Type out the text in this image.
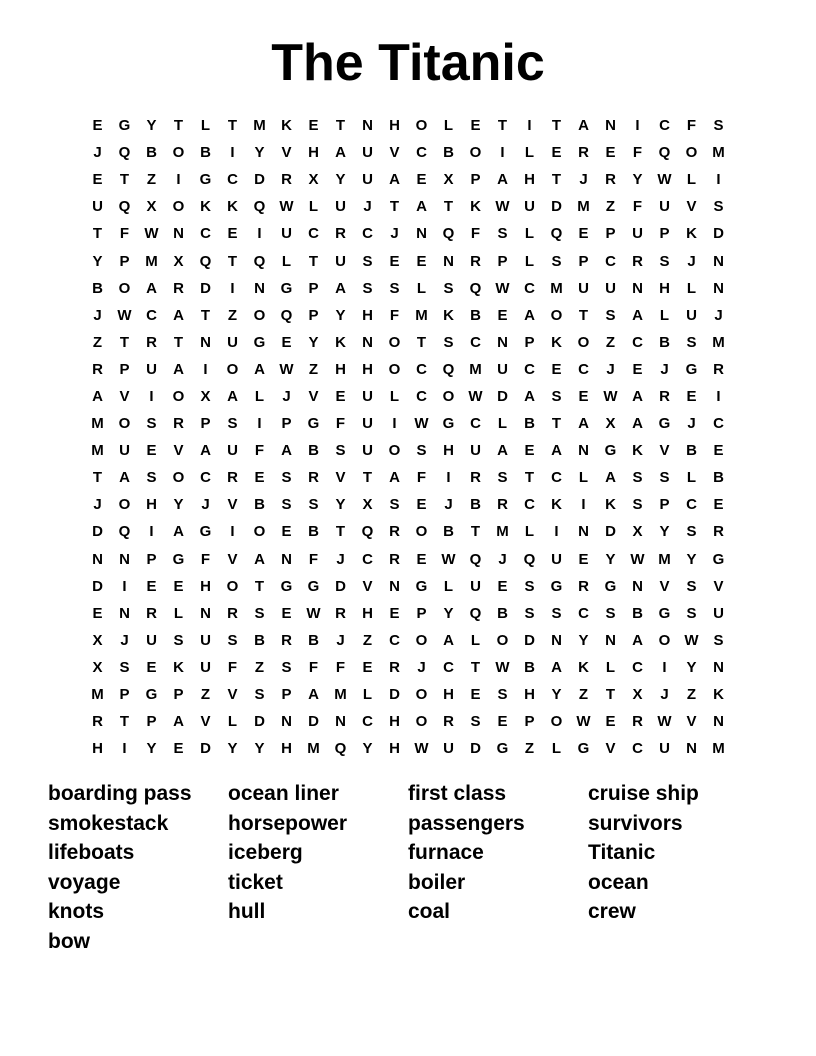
The Titanic
E	G	Y	T	L	T	M	K	E	T	N	H	O	L	E	T	I	T	A	N	I	C	F	S
J	Q	B	O	B	I	Y	V	H	A	U	V	C	B	O	I	L	E	R	E	F	Q	O M
E	T	Z	I	G	C	D	R	X	Y	U	A	E	X	P	A	H	T	J	R	Y W	L	I
U	Q	X	O	K	K	Q W	L	U	J	T	A	T	K W U	D	M	Z	F	U	V	S
T	F	W N	C	E	I	U	C	R	C	J	N	Q	F	S	L	Q	E	P	U	P	K	D
Y	P	M	X	Q	T	Q	L	T	U	S	E	E	N	R	P	L	S	P	C	R	S	J	N
B	O	A	R	D	I	N	G	P	A	S	S	L	S	Q W C	M	U	U	N	H	L	N
J	W C	A	T	Z	O	Q	P	Y	H	F	M	K	B	E	A	O	T	S	A	L	U	J
Z	T	R	T	N	U	G	E	Y	K	N	O	T	S	C	N	P	K	O	Z	C	B	S	M
R	P	U	A	I	O	A W	Z	H	H	O	C	Q M	U	C	E	C	J	E	J	G	R
A	V	I	O	X	A	L	J	V	E	U	L	C	O W D	A	S	E W A	R	E	I
M O	S	R	P	S	I	P	G	F	U	I	W G	C	L	B	T	A	X	A	G	J	C
M	U	E	V	A	U	F	A	B	S	U	O	S	H	U	A	E	A	N	G	K	V	B	E
T	A	S	O	C	R	E	S	R	V	T	A	F	I	R	S	T	C	L	A	S	S	L	B
J	O	H	Y	J	V	B	S	S	Y	X	S	E	J	B	R	C	K	I	K	S	P	C	E
D	Q	I	A	G	I	O	E	B	T	Q	R	O	B	T	M	L	I	N	D	X	Y	S	R
N	N	P	G	F	V	A	N	F	J	C	R	E W Q	J	Q	U	E	Y W M	Y	G
D	I	E	E	H	O	T	G	G	D	V	N	G	L	U	E	S	G	R	G	N	V	S	V
E	N	R	L	N	R	S	E W R	H	E	P	Y	Q	B	S	S	C	S	B	G	S	U
X	J	U	S	U	S	B	R	B	J	Z	C	O	A	L	O	D	N	Y	N	A	O W S
X	S	E	K	U	F	Z	S	F	F	E	R	J	C	T	W B	A	K	L	C	I	Y	N
M	P	G	P	Z	V	S	P	A	M	L	D	O	H	E	S	H	Y	Z	T	X	J	Z	K
R	T	P	A	V	L	D	N	D	N	C	H	O	R	S	E	P	O W E	R W V	N
H	I	Y	E	D	Y	Y	H	M Q	Y	H W U	D	G	Z	L	G	V	C	U	N	M
boarding pass	ocean liner	first class	cruise ship
smokestack	horsepower	passengers	survivors
lifeboats	iceberg	furnace	Titanic
voyage	ticket	boiler	ocean
knots	hull	coal	crew
bow
